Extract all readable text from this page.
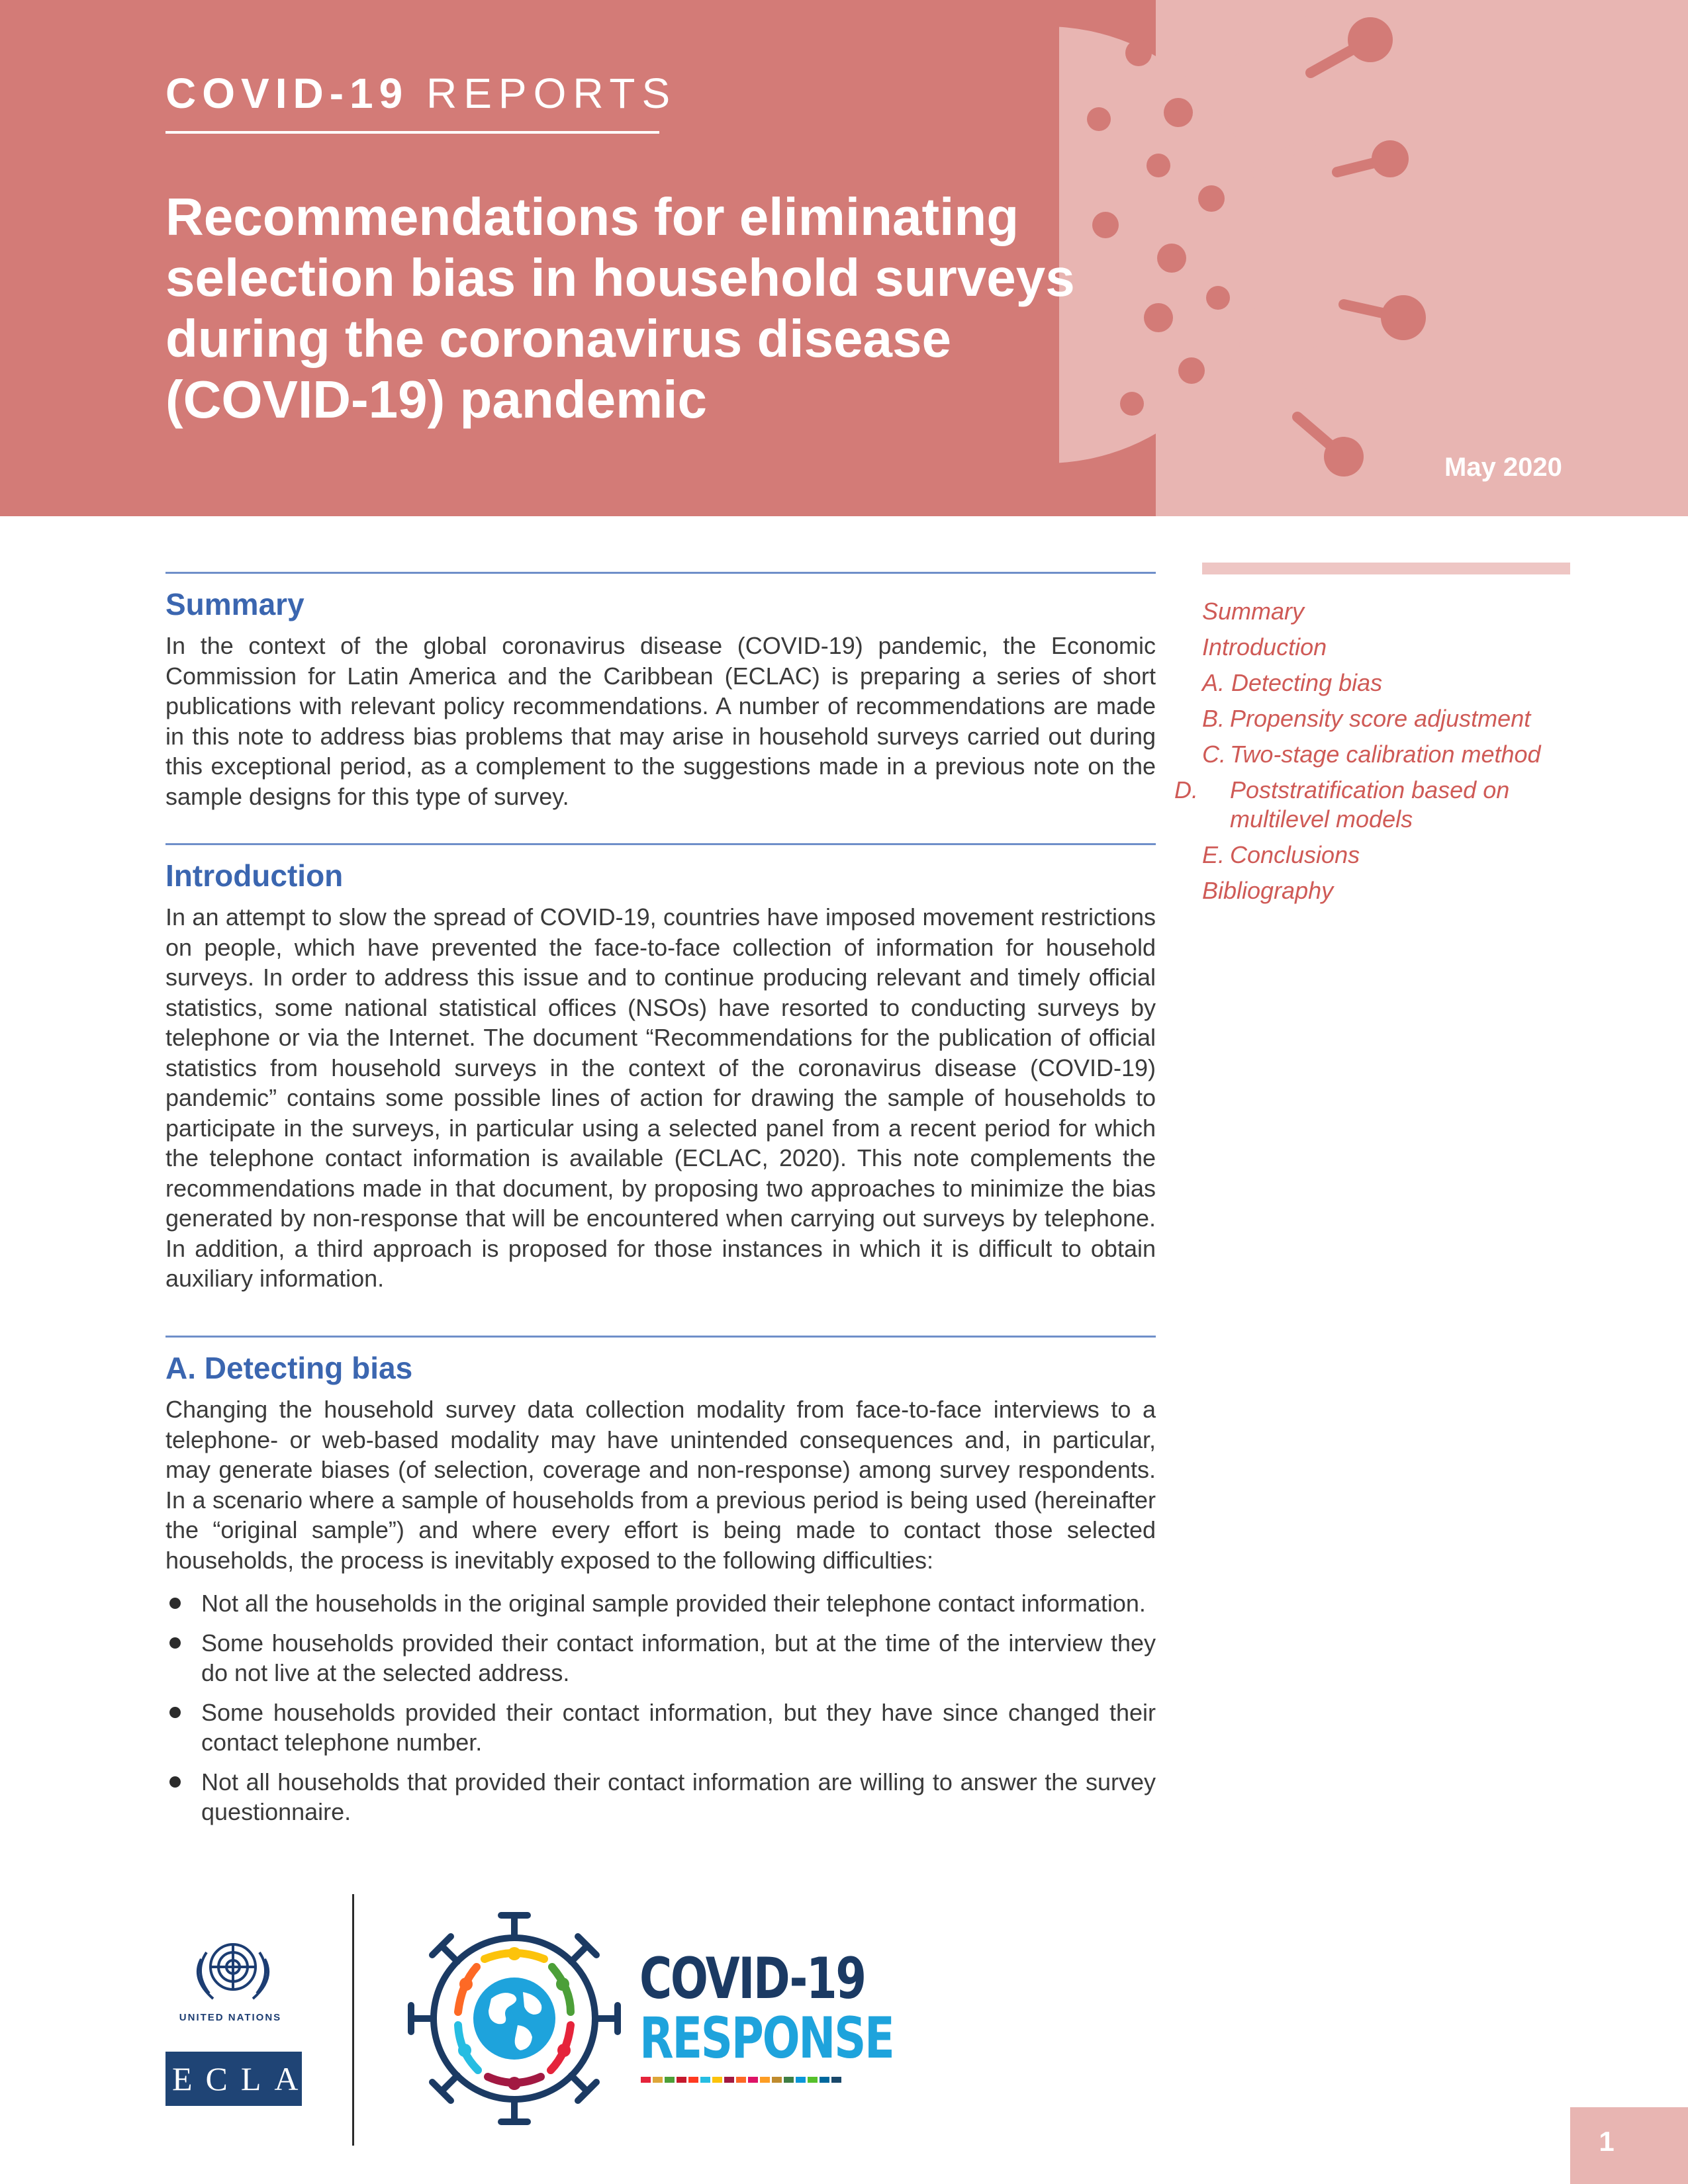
COVID-19 REPORTS

Recommendations for eliminating selection bias in household surveys during the coronavirus disease (COVID-19) pandemic

May 2020

Summary
Introduction
A. Detecting bias
B. Propensity score adjustment
C. Two-stage calibration method
D. Poststratification based on multilevel models
E. Conclusions
Bibliography
Summary

In the context of the global coronavirus disease (COVID-19) pandemic, the Economic Commission for Latin America and the Caribbean (ECLAC) is preparing a series of short publications with relevant policy recommendations. A number of recommendations are made in this note to address bias problems that may arise in household surveys carried out during this exceptional period, as a complement to the suggestions made in a previous note on the sample designs for this type of survey.

Introduction

In an attempt to slow the spread of COVID-19, countries have imposed movement restrictions on people, which have prevented the face-to-face collection of information for household surveys. In order to address this issue and to continue producing relevant and timely official statistics, some national statistical offices (NSOs) have resorted to conducting surveys by telephone or via the Internet. The document “Recommendations for the publication of official statistics from household surveys in the context of the coronavirus disease (COVID-19) pandemic” contains some possible lines of action for drawing the sample of households to participate in the surveys, in particular using a selected panel from a recent period for which the telephone contact information is available (ECLAC, 2020). This note complements the recommendations made in that document, by proposing two approaches to minimize the bias generated by non-response that will be encountered when carrying out surveys by telephone. In addition, a third approach is proposed for those instances in which it is difficult to obtain auxiliary information.

A. Detecting bias

Changing the household survey data collection modality from face-to-face interviews to a telephone- or web-based modality may have unintended consequences and, in particular, may generate biases (of selection, coverage and non-response) among survey respondents. In a scenario where a sample of households from a previous period is being used (hereinafter the “original sample”) and where every effort is being made to contact those selected households, the process is inevitably exposed to the following difficulties:

Not all the households in the original sample provided their telephone contact information.
Some households provided their contact information, but at the time of the interview they do not live at the selected address.
Some households provided their contact information, but they have since changed their contact telephone number.
Not all households that provided their contact information are willing to answer the survey questionnaire.

UNITED NATIONS

ECLAC

COVID-19

RESPONSE

1
